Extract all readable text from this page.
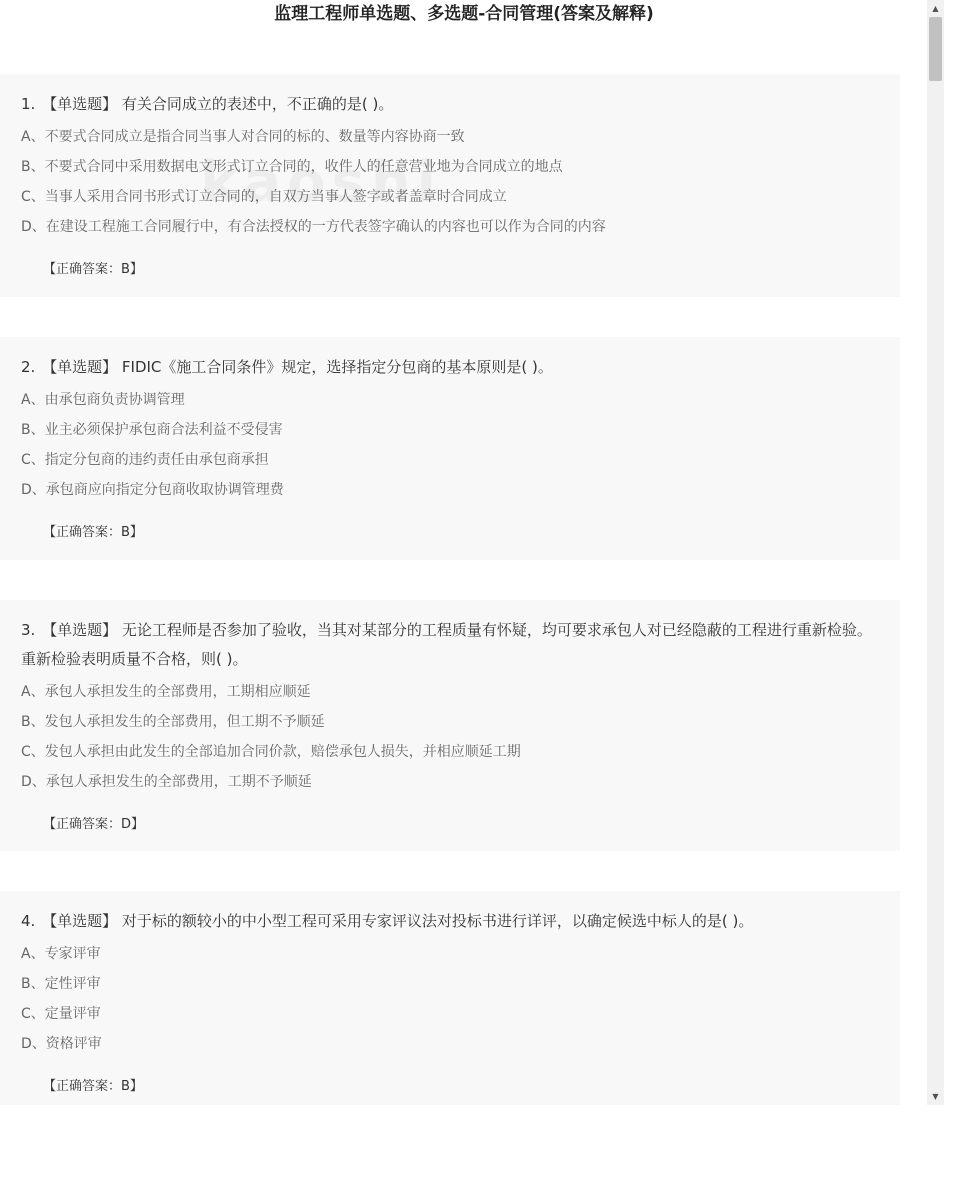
监理工程师单选题、多选题-合同管理(答案及解释)
1. 【单选题】 有关合同成立的表述中，不正确的是( )。
A、不要式合同成立是指合同当事人对合同的标的、数量等内容协商一致
B、不要式合同中采用数据电文形式订立合同的，收件人的任意营业地为合同成立的地点
C、当事人采用合同书形式订立合同的，自双方当事人签字或者盖章时合同成立
D、在建设工程施工合同履行中，有合法授权的一方代表签字确认的内容也可以作为合同的内容
【正确答案：B】
2. 【单选题】 FIDIC《施工合同条件》规定，选择指定分包商的基本原则是( )。
A、由承包商负责协调管理
B、业主必须保护承包商合法利益不受侵害
C、指定分包商的违约责任由承包商承担
D、承包商应向指定分包商收取协调管理费
【正确答案：B】
3. 【单选题】 无论工程师是否参加了验收，当其对某部分的工程质量有怀疑，均可要求承包人对已经隐蔽的工程进行重新检验。重新检验表明质量不合格，则( )。
A、承包人承担发生的全部费用，工期相应顺延
B、发包人承担发生的全部费用，但工期不予顺延
C、发包人承担由此发生的全部追加合同价款，赔偿承包人损失，并相应顺延工期
D、承包人承担发生的全部费用，工期不予顺延
【正确答案：D】
4. 【单选题】 对于标的额较小的中小型工程可采用专家评议法对投标书进行详评，以确定候选中标人的是( )。
A、专家评审
B、定性评审
C、定量评审
D、资格评审
【正确答案：B】
▲
▼
